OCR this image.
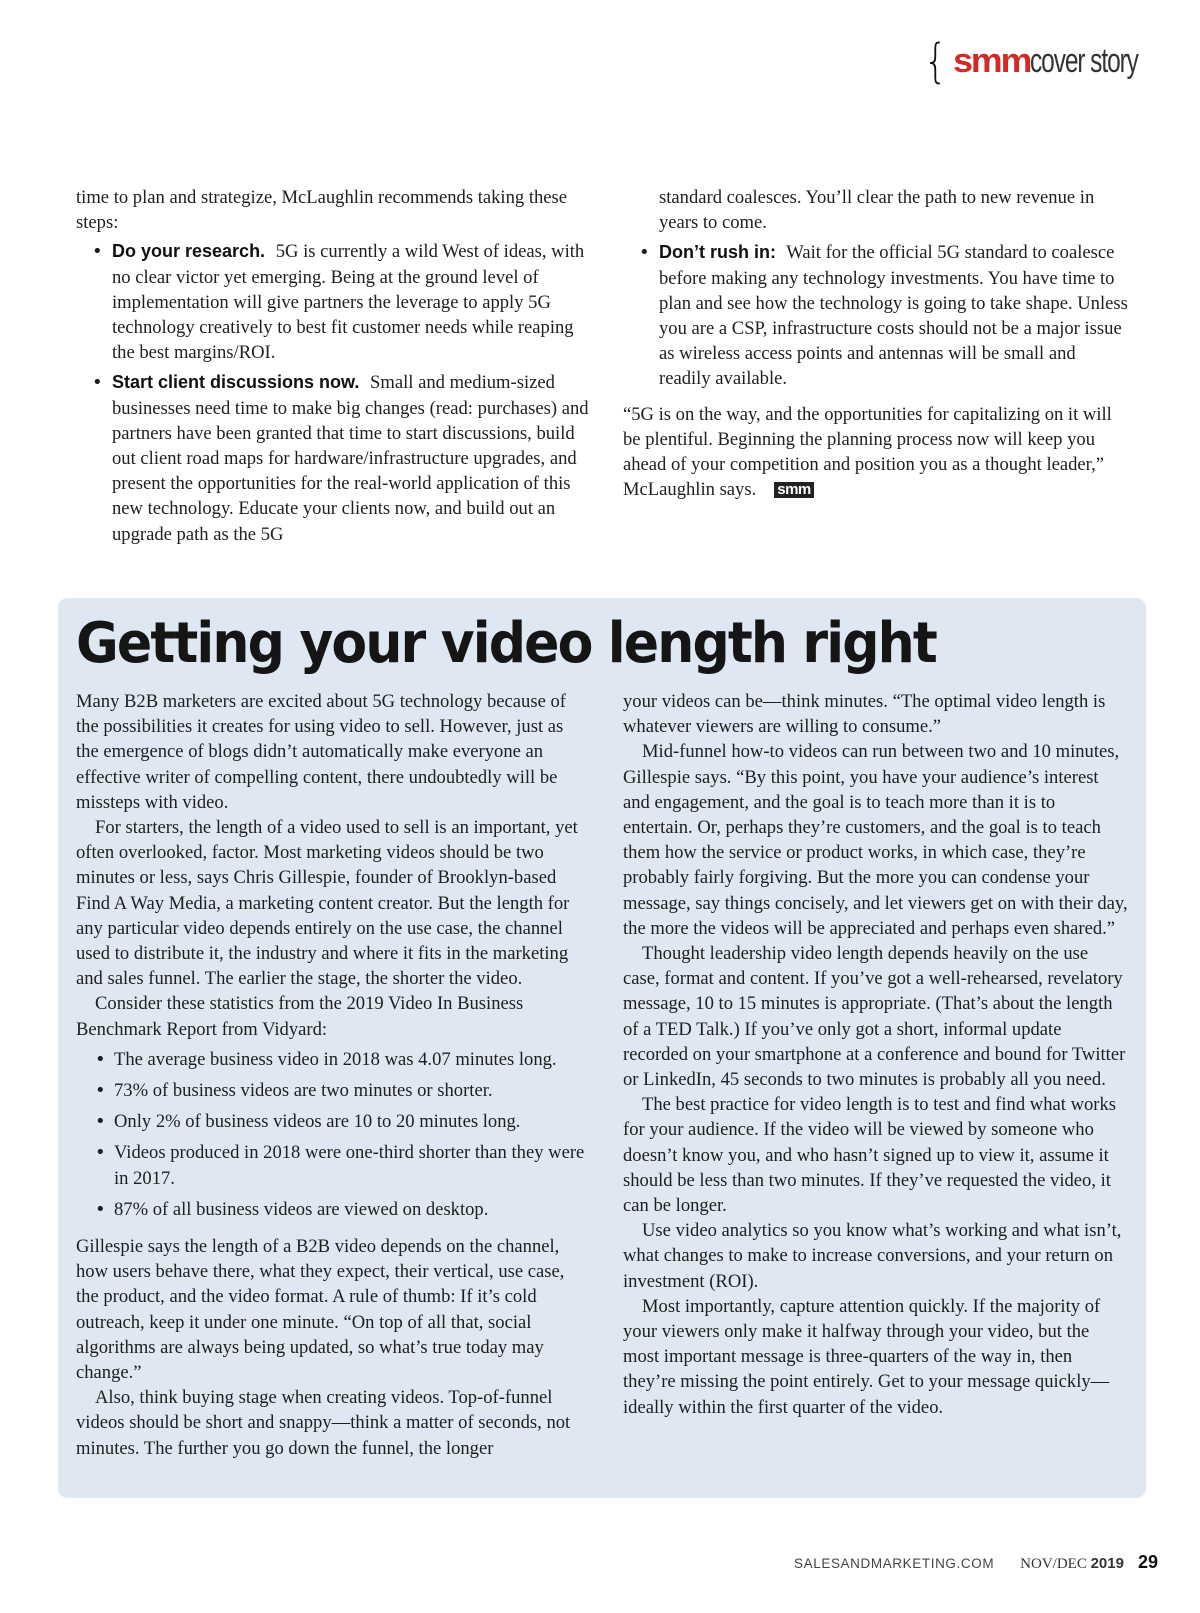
{ smm cover story

time to plan and strategize, McLaughlin recommends taking these steps:

• Do your research. 5G is currently a wild West of ideas, with no clear victor yet emerging. Being at the ground level of implementation will give partners the leverage to apply 5G technology creatively to best fit customer needs while reaping the best margins/ROI.
• Start client discussions now. Small and medium-sized businesses need time to make big changes (read: purchases) and partners have been granted that time to start discussions, build out client road maps for hardware/infrastructure upgrades, and present the opportunities for the real-world application of this new technology. Educate your clients now, and build out an upgrade path as the 5G

standard coalesces. You’ll clear the path to new revenue in years to come.

• Don’t rush in: Wait for the official 5G standard to coalesce before making any technology investments. You have time to plan and see how the technology is going to take shape. Unless you are a CSP, infrastructure costs should not be a major issue as wireless access points and antennas will be small and readily available.

“5G is on the way, and the opportunities for capitalizing on it will be plentiful. Beginning the planning process now will keep you ahead of your competition and position you as a thought leader,” McLaughlin says. smm

Getting your video length right

Many B2B marketers are excited about 5G technology because of the possibilities it creates for using video to sell. However, just as the emergence of blogs didn’t automatically make everyone an effective writer of compelling content, there undoubtedly will be missteps with video.

For starters, the length of a video used to sell is an important, yet often overlooked, factor. Most marketing videos should be two minutes or less, says Chris Gillespie, founder of Brooklyn-based Find A Way Media, a marketing content creator. But the length for any particular video depends entirely on the use case, the channel used to distribute it, the industry and where it fits in the marketing and sales funnel. The earlier the stage, the shorter the video.

Consider these statistics from the 2019 Video In Business Benchmark Report from Vidyard:

• The average business video in 2018 was 4.07 minutes long.
• 73% of business videos are two minutes or shorter.
• Only 2% of business videos are 10 to 20 minutes long.
• Videos produced in 2018 were one-third shorter than they were in 2017.
• 87% of all business videos are viewed on desktop.

Gillespie says the length of a B2B video depends on the channel, how users behave there, what they expect, their vertical, use case, the product, and the video format. A rule of thumb: If it’s cold outreach, keep it under one minute. “On top of all that, social algorithms are always being updated, so what’s true today may change.”

Also, think buying stage when creating videos. Top-of-funnel videos should be short and snappy—think a matter of seconds, not minutes. The further you go down the funnel, the longer

your videos can be—think minutes. “The optimal video length is whatever viewers are willing to consume.”

Mid-funnel how-to videos can run between two and 10 minutes, Gillespie says. “By this point, you have your audience’s interest and engagement, and the goal is to teach more than it is to entertain. Or, perhaps they’re customers, and the goal is to teach them how the service or product works, in which case, they’re probably fairly forgiving. But the more you can condense your message, say things concisely, and let viewers get on with their day, the more the videos will be appreciated and perhaps even shared.”

Thought leadership video length depends heavily on the use case, format and content. If you’ve got a well-rehearsed, revelatory message, 10 to 15 minutes is appropriate. (That’s about the length of a TED Talk.) If you’ve only got a short, informal update recorded on your smartphone at a conference and bound for Twitter or LinkedIn, 45 seconds to two minutes is probably all you need.

The best practice for video length is to test and find what works for your audience. If the video will be viewed by someone who doesn’t know you, and who hasn’t signed up to view it, assume it should be less than two minutes. If they’ve requested the video, it can be longer.

Use video analytics so you know what’s working and what isn’t, what changes to make to increase conversions, and your return on investment (ROI).

Most importantly, capture attention quickly. If the majority of your viewers only make it halfway through your video, but the most important message is three-quarters of the way in, then they’re missing the point entirely. Get to your message quickly—ideally within the first quarter of the video.

SALESANDMARKETING.COM NOV/DEC 2019 29
